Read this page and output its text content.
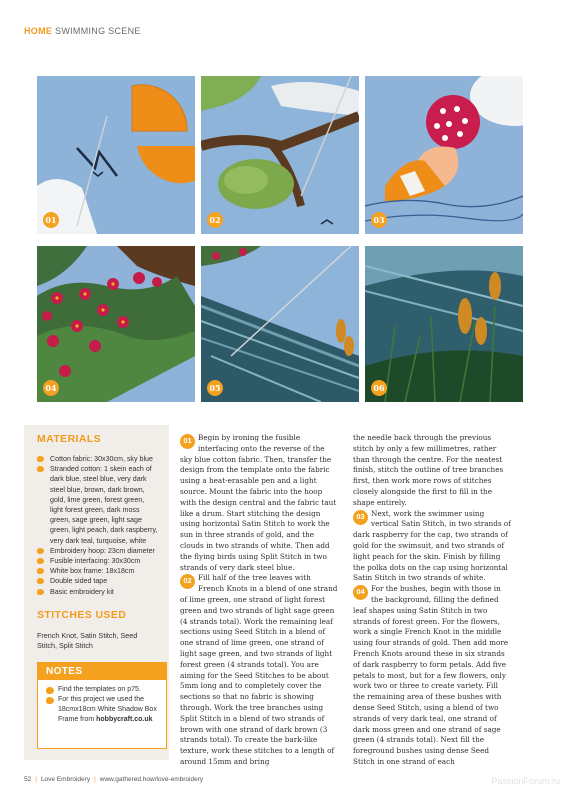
HOME SWIMMING SCENE
01	02	03
04	05	06
MATERIALS
Cotton fabric: 30x30cm, sky blue
Stranded cotton: 1 skein each of dark blue, steel blue, very dark steel blue, brown, dark brown, gold, lime green, forest green, light forest green, dark moss green, sage green, light sage green, light peach, dark raspberry, very dark teal, turquoise, white
Embroidery hoop: 23cm diameter
Fusible interfacing: 30x30cm
White box frame: 18x18cm
Double sided tape
Basic embroidery kit
STITCHES USED
French Knot, Satin Stitch, Seed Stitch, Split Stitch
NOTES
Find the templates on p75.
For this project we used the 18cmx18cm White Shadow Box Frame from hobbycraft.co.uk

01 Begin by ironing the fusible interfacing onto the reverse of the sky blue cotton fabric. Then, transfer the design from the template onto the fabric using a heat-erasable pen and a light source. Mount the fabric into the hoop with the design central and the fabric taut like a drum. Start stitching the design using horizontal Satin Stitch to work the sun in three strands of gold, and the clouds in two strands of white. Then add the flying birds using Split Stitch in two strands of very dark steel blue.

02 Fill half of the tree leaves with French Knots in a blend of one strand of lime green, one strand of light forest green and two strands of light sage green (4 strands total). Work the remaining leaf sections using Seed Stitch in a blend of one strand of lime green, one strand of light sage green, and two strands of light forest green (4 strands total). You are aiming for the Seed Stitches to be about 5mm long and to completely cover the sections so that no fabric is showing through. Work the tree branches using Split Stitch in a blend of two strands of brown with one strand of dark brown (3 strands total). To create the bark-like texture, work these stitches to a length of around 15mm and bring

the needle back through the previous stitch by only a few millimetres, rather than through the centre. For the neatest finish, stitch the outline of tree branches first, then work more rows of stitches closely alongside the first to fill in the shape entirely.

03 Next, work the swimmer using vertical Satin Stitch, in two strands of dark raspberry for the cap, two strands of gold for the swimsuit, and two strands of light peach for the skin. Finish by filling the polka dots on the cap using horizontal Satin Stitch in two strands of white.

04 For the bushes, begin with those in the background, filling the defined leaf shapes using Satin Stitch in two strands of forest green. For the flowers, work a single French Knot in the middle using four strands of gold. Then add more French Knots around these in six strands of dark raspberry to form petals. Add five petals to most, but for a few flowers, only work two or three to create variety. Fill the remaining area of these bushes with dense Seed Stitch, using a blend of two strands of very dark teal, one strand of dark moss green and one strand of sage green (4 strands total). Next fill the foreground bushes using dense Seed Stitch in one strand of each

52 | Love Embroidery | www.gathered.how/love-embroidery	PassionForum.ru
